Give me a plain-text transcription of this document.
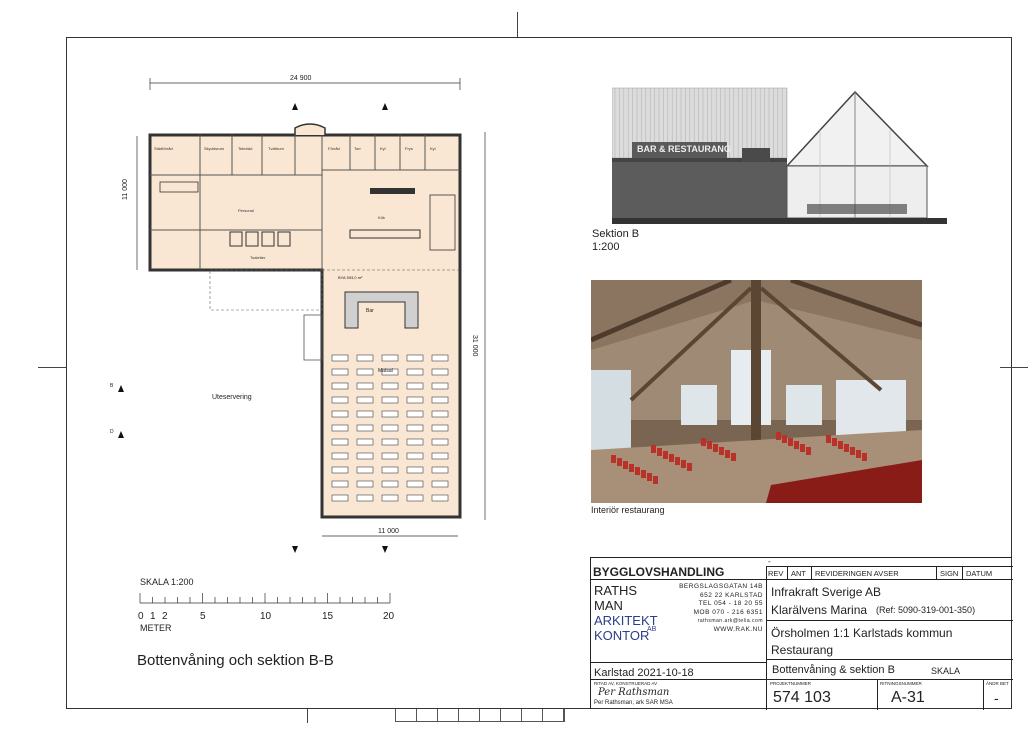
24 900
11 000
31 000
11 000
Uteservering
Bar
Matsal
BYA 593,0 m²
B
D
Städförråd	Skyddsrum	Tekniskt	Tvättrum	Förråd	Torr	Kyl	Frys	Kyl
Personal
Kök
Toaletter
SKALA 1:200
0 1 2	5	10	15	20
METER
Bottenvåning och sektion B-B
BAR & RESTAURANG
Sektion B
1:200
Interiör restaurang
BYGGLOVSHANDLING
-
REV ANT REVIDERINGEN AVSER	SIGN DATUM
RATHS
MAN
ARKITEKT
KONTOR
AB
BERGSLAGSGATAN 14B
652 22 KARLSTAD
TEL 054 - 18 20 55
MOB 070 - 216 6351
rathsman.ark@telia.com
WWW.RAK.NU
Infrakraft Sverige AB
Klarälvens Marina (Ref: 5090-319-001-350)
Örsholmen 1:1 Karlstads kommun
Restaurang
Karlstad 2021-10-18	Bottenvåning & sektion B	SKALA
RITAD AV, KONSTRUERAD AV
Per Rathsman
Per Rathsman, ark SAR MSA
PROJEKTNUMMER
574 103
RITNINGSNUMMER
A-31
ÄNDR BET
-
